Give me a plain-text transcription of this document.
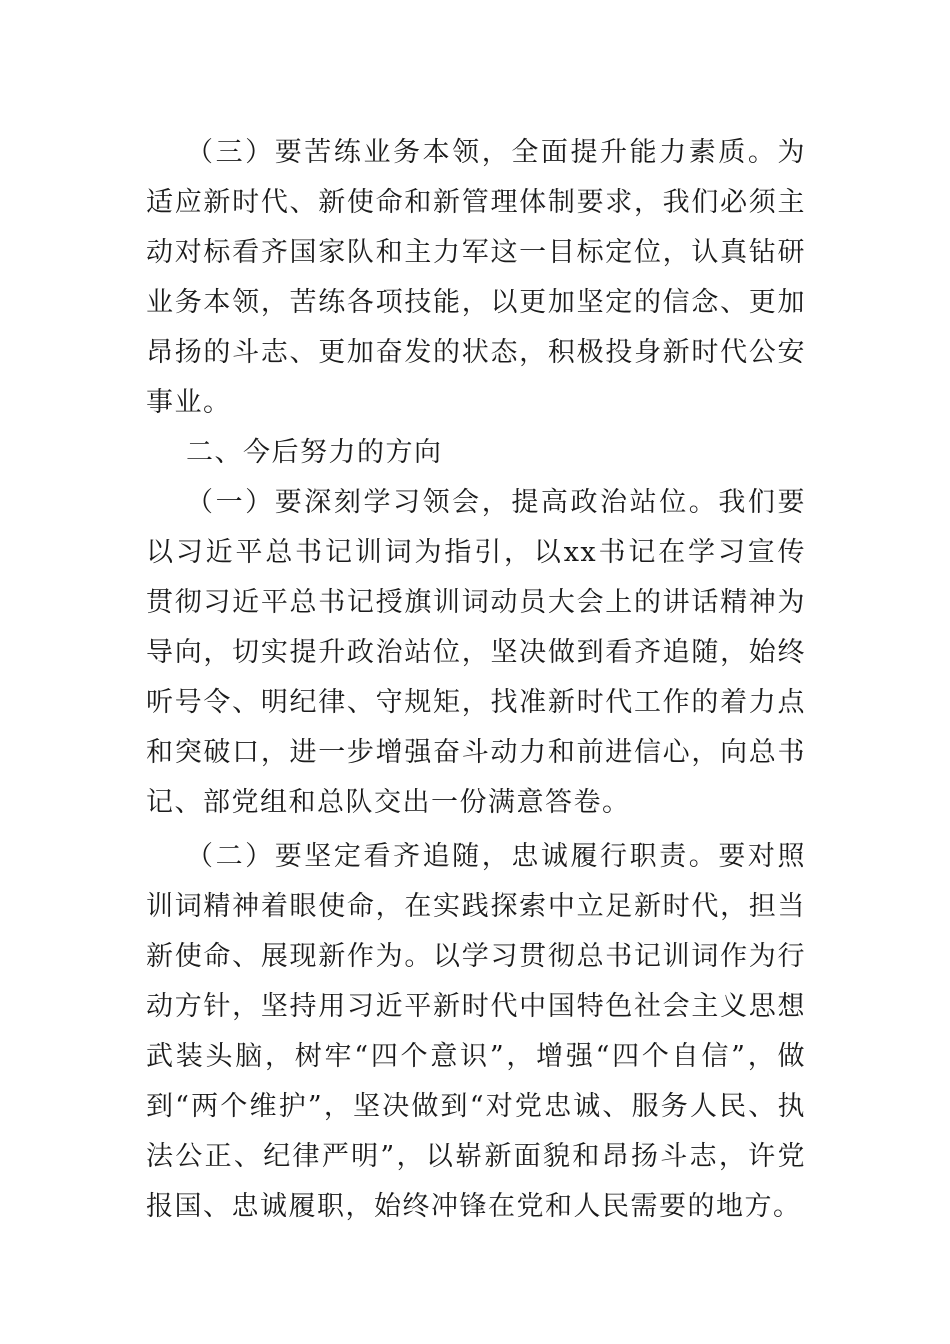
（三）要苦练业务本领，全面提升能力素质。为适应新时代、新使命和新管理体制要求，我们必须主动对标看齐国家队和主力军这一目标定位，认真钻研业务本领，苦练各项技能，以更加坚定的信念、更加昂扬的斗志、更加奋发的状态，积极投身新时代公安事业。

二、今后努力的方向

（一）要深刻学习领会，提高政治站位。我们要以习近平总书记训词为指引，以xx书记在学习宣传贯彻习近平总书记授旗训词动员大会上的讲话精神为导向，切实提升政治站位，坚决做到看齐追随，始终听号令、明纪律、守规矩，找准新时代工作的着力点和突破口，进一步增强奋斗动力和前进信心，向总书记、部党组和总队交出一份满意答卷。

（二）要坚定看齐追随，忠诚履行职责。要对照训词精神着眼使命，在实践探索中立足新时代，担当新使命、展现新作为。以学习贯彻总书记训词作为行动方针，坚持用习近平新时代中国特色社会主义思想武装头脑，树牢“四个意识”，增强“四个自信”，做到“两个维护”，坚决做到“对党忠诚、服务人民、执法公正、纪律严明”，以崭新面貌和昂扬斗志，许党报国、忠诚履职，始终冲锋在党和人民需要的地方。
